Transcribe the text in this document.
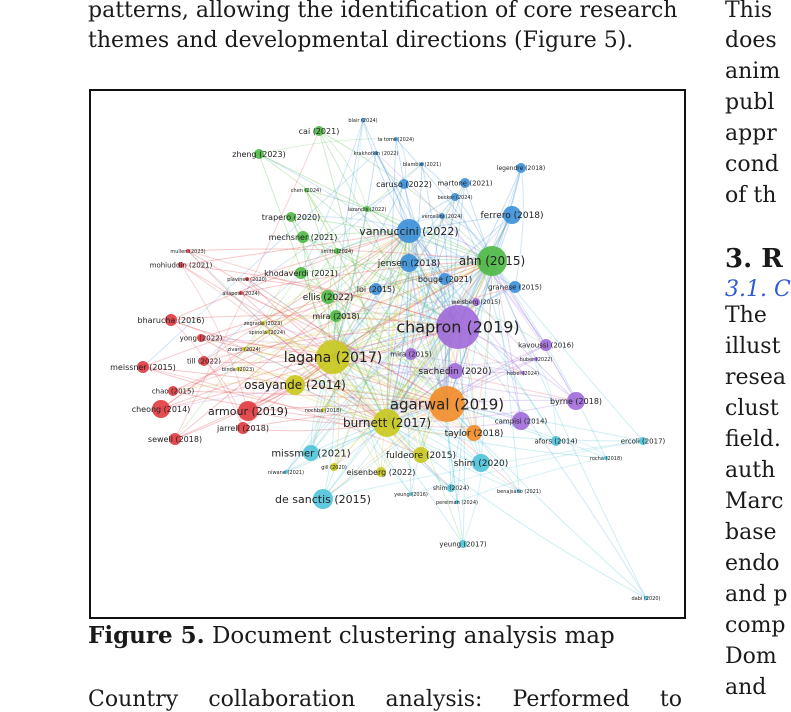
patterns, allowing the identification of core research
themes and developmental directions (Figure 5).
chapron (2019)
agarwal (2019)
lagana (2017)
ahn (2015)
vannuccini (2022)
burnett (2017)
osayande (2014)
armour (2019)
de sanctis (2015)
missmer (2021)	fuldeore (2015)
shim (2020)
taylor (2018)
sachedin (2020)
jensen (2018)
ellis (2022)
mira (2018)
mira (2015)
loi (2015)
bouge (2021)
granese (2015)
khodaverdi (2021)
mechsner (2021)
trapero (2020)
zheng (2023)
cai (2021)
caruso (2022) martone (2021)
ferrero (2018)
legendre (2018)
bharucha (2016)
meissner (2015)
cheong (2014)
chao (2015)
sewell (2018)
jarrell (2018)
till (2022)
yong (2022)
mohiuddin (2021)
kavoussi (2016)
byrne (2018)
campisi (2014)
afors (2014)	ercoli (2017)
eisenberg (2022)
shim (2024)
yeung (2017)
weisberg (2015)
blair (2024)
la torre (2024)
krakhotkin (2022)
blamble (2021)
becker (2024)
chen (2024)
lazandis (2022)
vercellini (2024)
smith (2024)
mullen (2023)
plavinee (2020)
allaposi (2024)
zegrada (2023)
spinola (2024)
zivaro (2024)
binde (2023)
nochba (2018)
huber (2022)
hebel (2024)
rocha (2018)
gill (2020)
niwane (2021)
yeung (2016)	benajsano (2021)
perelman (2024)
dabi (2020)
Figure 5. Document clustering analysis map
Country collaboration analysis: Performed to
This
does
anim
publ
appr
cond
of th
3. R
3.1. C
The
illust
resea
clust
field.
auth
Marc
base
endo
and p
comp
Dom
and
